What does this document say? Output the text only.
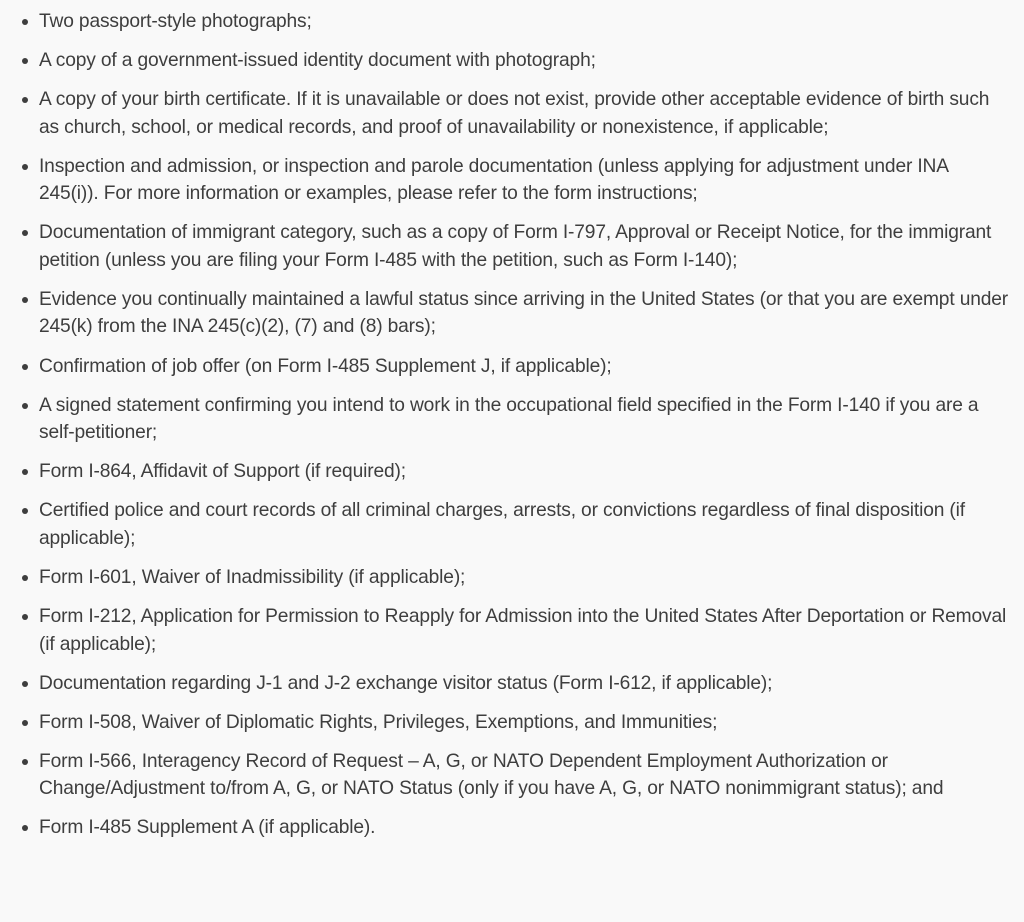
Two passport-style photographs;
A copy of a government-issued identity document with photograph;
A copy of your birth certificate. If it is unavailable or does not exist, provide other acceptable evidence of birth such as church, school, or medical records, and proof of unavailability or nonexistence, if applicable;
Inspection and admission, or inspection and parole documentation (unless applying for adjustment under INA 245(i)). For more information or examples, please refer to the form instructions;
Documentation of immigrant category, such as a copy of Form I-797, Approval or Receipt Notice, for the immigrant petition (unless you are filing your Form I-485 with the petition, such as Form I-140);
Evidence you continually maintained a lawful status since arriving in the United States (or that you are exempt under 245(k) from the INA 245(c)(2), (7) and (8) bars);
Confirmation of job offer (on Form I-485 Supplement J, if applicable);
A signed statement confirming you intend to work in the occupational field specified in the Form I-140 if you are a self-petitioner;
Form I-864, Affidavit of Support (if required);
Certified police and court records of all criminal charges, arrests, or convictions regardless of final disposition (if applicable);
Form I-601, Waiver of Inadmissibility (if applicable);
Form I-212, Application for Permission to Reapply for Admission into the United States After Deportation or Removal (if applicable);
Documentation regarding J-1 and J-2 exchange visitor status (Form I-612, if applicable);
Form I-508, Waiver of Diplomatic Rights, Privileges, Exemptions, and Immunities;
Form I-566, Interagency Record of Request – A, G, or NATO Dependent Employment Authorization or Change/Adjustment to/from A, G, or NATO Status (only if you have A, G, or NATO nonimmigrant status); and
Form I-485 Supplement A (if applicable).
